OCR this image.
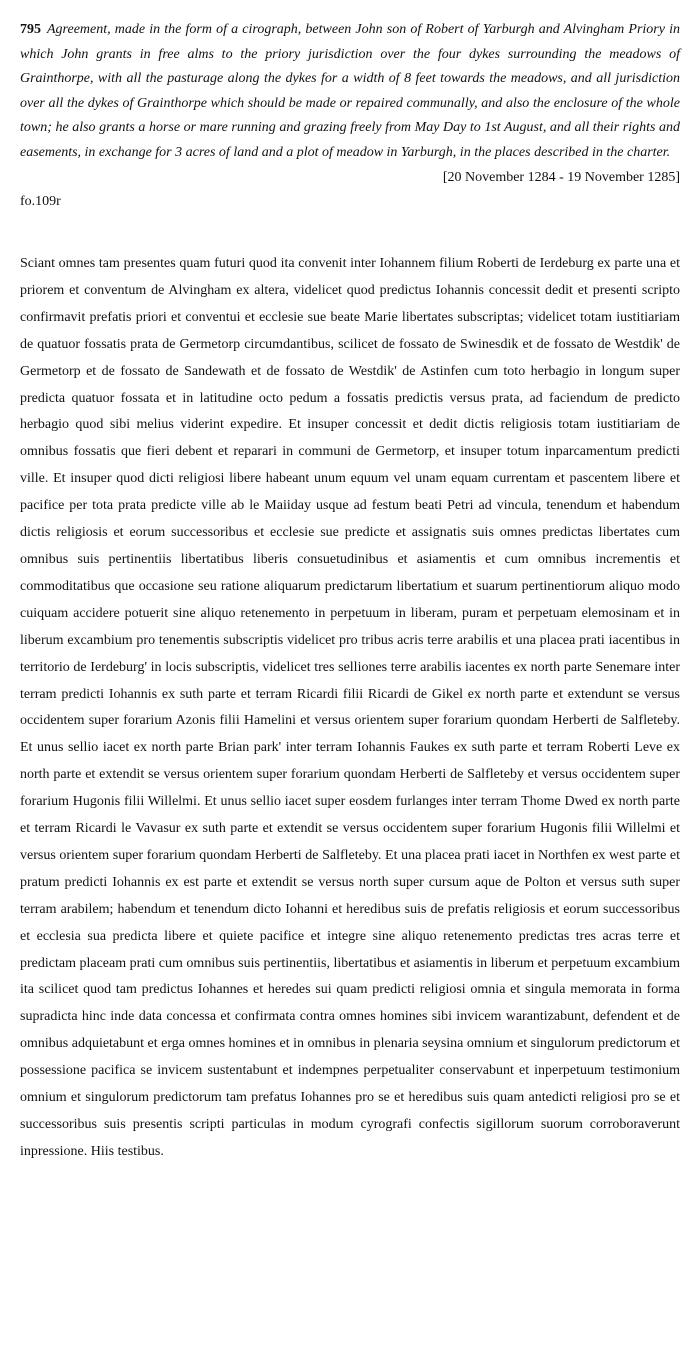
795 Agreement, made in the form of a cirograph, between John son of Robert of Yarburgh and Alvingham Priory in which John grants in free alms to the priory jurisdiction over the four dykes surrounding the meadows of Grainthorpe, with all the pasturage along the dykes for a width of 8 feet towards the meadows, and all jurisdiction over all the dykes of Grainthorpe which should be made or repaired communally, and also the enclosure of the whole town; he also grants a horse or mare running and grazing freely from May Day to 1st August, and all their rights and easements, in exchange for 3 acres of land and a plot of meadow in Yarburgh, in the places described in the charter.

[20 November 1284 - 19 November 1285]
fo.109r

Sciant omnes tam presentes quam futuri quod ita convenit inter Iohannem filium Roberti de Ierdeburg ex parte una et priorem et conventum de Alvingham ex altera, videlicet quod predictus Iohannis concessit dedit et presenti scripto confirmavit prefatis priori et conventui et ecclesie sue beate Marie libertates subscriptas; videlicet totam iustitiariam de quatuor fossatis prata de Germetorp circumdantibus, scilicet de fossato de Swinesdik et de fossato de Westdik' de Germetorp et de fossato de Sandewath et de fossato de Westdik' de Astinfen cum toto herbagio in longum super predicta quatuor fossata et in latitudine octo pedum a fossatis predictis versus prata, ad faciendum de predicto herbagio quod sibi melius viderint expedire. Et insuper concessit et dedit dictis religiosis totam iustitiariam de omnibus fossatis que fieri debent et reparari in communi de Germetorp, et insuper totum inparcamentum predicti ville. Et insuper quod dicti religiosi libere habeant unum equum vel unam equam currentam et pascentem libere et pacifice per tota prata predicte ville ab le Maiiday usque ad festum beati Petri ad vincula, tenendum et habendum dictis religiosis et eorum successoribus et ecclesie sue predicte et assignatis suis omnes predictas libertates cum omnibus suis pertinentiis libertatibus liberis consuetudinibus et asiamentis et cum omnibus incrementis et commoditatibus que occasione seu ratione aliquarum predictarum libertatium et suarum pertinentiorum aliquo modo cuiquam accidere potuerit sine aliquo retenemento in perpetuum in liberam, puram et perpetuam elemosinam et in liberum excambium pro tenementis subscriptis videlicet pro tribus acris terre arabilis et una placea prati iacentibus in territorio de Ierdeburg' in locis subscriptis, videlicet tres selliones terre arabilis iacentes ex north parte Senemare inter terram predicti Iohannis ex suth parte et terram Ricardi filii Ricardi de Gikel ex north parte et extendunt se versus occidentem super forarium Azonis filii Hamelini et versus orientem super forarium quondam Herberti de Salfleteby. Et unus sellio iacet ex north parte Brian park' inter terram Iohannis Faukes ex suth parte et terram Roberti Leve ex north parte et extendit se versus orientem super forarium quondam Herberti de Salfleteby et versus occidentem super forarium Hugonis filii Willelmi. Et unus sellio iacet super eosdem furlanges inter terram Thome Dwed ex north parte et terram Ricardi le Vavasur ex suth parte et extendit se versus occidentem super forarium Hugonis filii Willelmi et versus orientem super forarium quondam Herberti de Salfleteby. Et una placea prati iacet in Northfen ex west parte et pratum predicti Iohannis ex est parte et extendit se versus north super cursum aque de Polton et versus suth super terram arabilem; habendum et tenendum dicto Iohanni et heredibus suis de prefatis religiosis et eorum successoribus et ecclesia sua predicta libere et quiete pacifice et integre sine aliquo retenemento predictas tres acras terre et predictam placeam prati cum omnibus suis pertinentiis, libertatibus et asiamentis in liberum et perpetuum excambium ita scilicet quod tam predictus Iohannes et heredes sui quam predicti religiosi omnia et singula memorata in forma supradicta hinc inde data concessa et confirmata contra omnes homines sibi invicem warantizabunt, defendent et de omnibus adquietabunt et erga omnes homines et in omnibus in plenaria seysina omnium et singulorum predictorum et possessione pacifica se invicem sustentabunt et indempnes perpetualiter conservabunt et inperpetuum testimonium omnium et singulorum predictorum tam prefatus Iohannes pro se et heredibus suis quam antedicti religiosi pro se et successoribus suis presentis scripti particulas in modum cyrografi confectis sigillorum suorum corroboraverunt inpressione. Hiis testibus.
